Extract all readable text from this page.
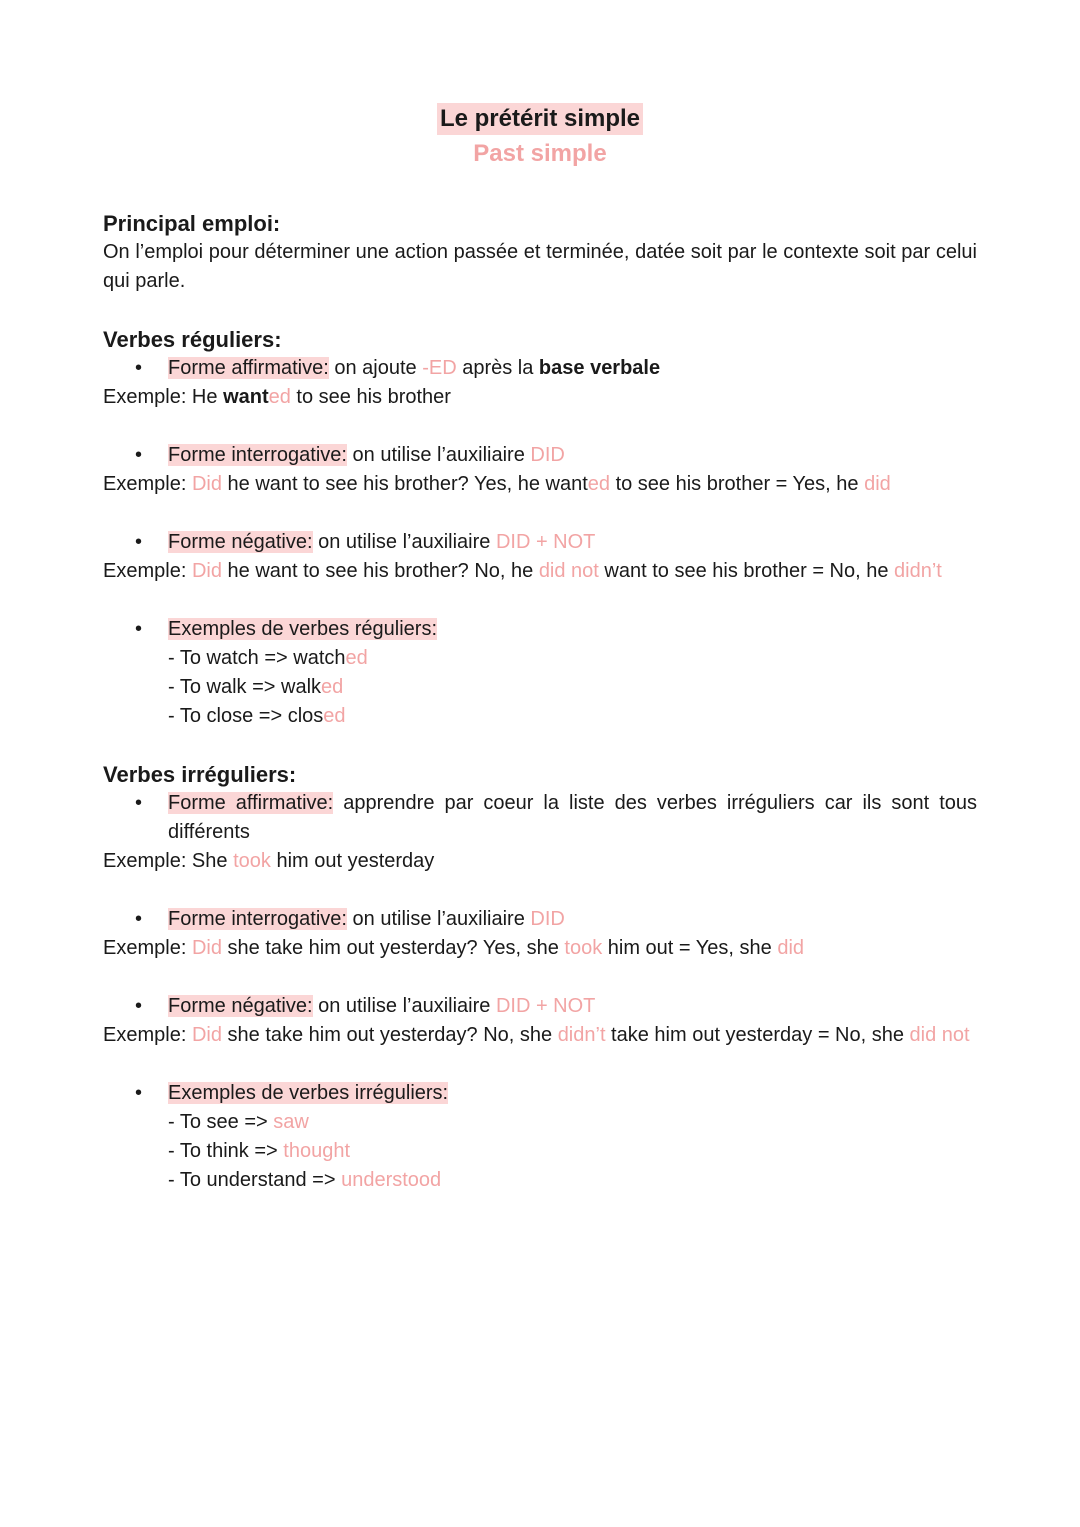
Le prétérit simple
Past simple

Principal emploi:

On l’emploi pour déterminer une action passée et terminée, datée soit par le contexte soit par celui qui parle.

Verbes réguliers:

• Forme affirmative: on ajoute -ED après la base verbale

Exemple: He wanted to see his brother

• Forme interrogative: on utilise l’auxiliaire DID

Exemple: Did he want to see his brother? Yes, he wanted to see his brother = Yes, he did

• Forme négative: on utilise l’auxiliaire DID + NOT

Exemple: Did he want to see his brother? No, he did not want to see his brother = No, he didn’t

• Exemples de verbes réguliers:

- To watch => watched

- To walk => walked

- To close => closed

Verbes irréguliers:

• Forme affirmative: apprendre par coeur la liste des verbes irréguliers car ils sont tous différents

Exemple: She took him out yesterday

• Forme interrogative: on utilise l’auxiliaire DID

Exemple: Did she take him out yesterday? Yes, she took him out = Yes, she did

• Forme négative: on utilise l’auxiliaire DID + NOT

Exemple: Did she take him out yesterday? No, she didn’t take him out yesterday = No, she did not

• Exemples de verbes irréguliers:

- To see => saw

- To think => thought

- To understand => understood
